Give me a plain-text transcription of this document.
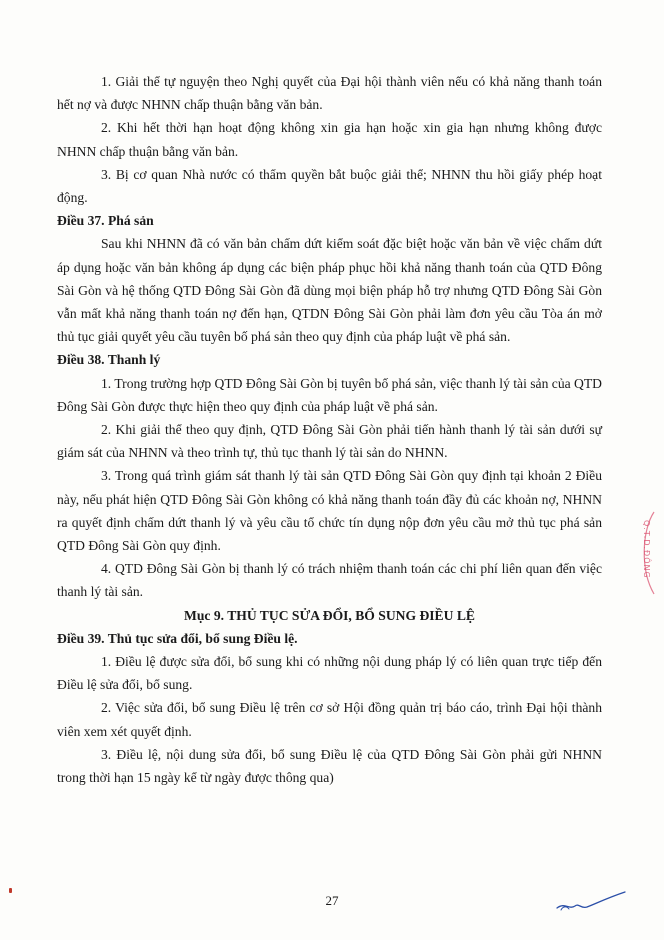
1. Giải thể tự nguyện theo Nghị quyết của Đại hội thành viên nếu có khả năng thanh toán hết nợ và được NHNN chấp thuận bằng văn bản.

2. Khi hết thời hạn hoạt động không xin gia hạn hoặc xin gia hạn nhưng không được NHNN chấp thuận bằng văn bản.

3. Bị cơ quan Nhà nước có thẩm quyền bắt buộc giải thể; NHNN thu hồi giấy phép hoạt động.

Điều 37. Phá sản

Sau khi NHNN đã có văn bản chấm dứt kiểm soát đặc biệt hoặc văn bản về việc chấm dứt áp dụng hoặc văn bản không áp dụng các biện pháp phục hồi khả năng thanh toán của QTD Đông Sài Gòn và hệ thống QTD Đông Sài Gòn đã dùng mọi biện pháp hỗ trợ nhưng QTD Đông Sài Gòn vẫn mất khả năng thanh toán nợ đến hạn, QTDN Đông Sài Gòn phải làm đơn yêu cầu Tòa án mở thủ tục giải quyết yêu cầu tuyên bố phá sản theo quy định của pháp luật về phá sản.

Điều 38. Thanh lý

1. Trong trường hợp QTD Đông Sài Gòn bị tuyên bố phá sản, việc thanh lý tài sản của QTD Đông Sài Gòn được thực hiện theo quy định của pháp luật về phá sản.

2. Khi giải thể theo quy định, QTD Đông Sài Gòn phải tiến hành thanh lý tài sản dưới sự giám sát của NHNN và theo trình tự, thủ tục thanh lý tài sản do NHNN.

3. Trong quá trình giám sát thanh lý tài sản QTD Đông Sài Gòn quy định tại khoản 2 Điều này, nếu phát hiện QTD Đông Sài Gòn không có khả năng thanh toán đầy đủ các khoản nợ, NHNN ra quyết định chấm dứt thanh lý và yêu cầu tổ chức tín dụng nộp đơn yêu cầu mở thủ tục phá sản QTD Đông Sài Gòn quy định.

4. QTD Đông Sài Gòn bị thanh lý có trách nhiệm thanh toán các chi phí liên quan đến việc thanh lý tài sản.

Mục 9. THỦ TỤC SỬA ĐỔI, BỔ SUNG ĐIỀU LỆ

Điều 39. Thủ tục sửa đổi, bổ sung Điều lệ.

1. Điều lệ được sửa đổi, bổ sung khi có những nội dung pháp lý có liên quan trực tiếp đến Điều lệ sửa đổi, bổ sung.

2. Việc sửa đổi, bổ sung Điều lệ trên cơ sở Hội đồng quản trị báo cáo, trình Đại hội thành viên xem xét quyết định.

3. Điều lệ, nội dung sửa đổi, bổ sung Điều lệ của QTD Đông Sài Gòn phải gửi NHNN trong thời hạn 15 ngày kể từ ngày được thông qua)

27
Q.T.D.ĐÔNG
